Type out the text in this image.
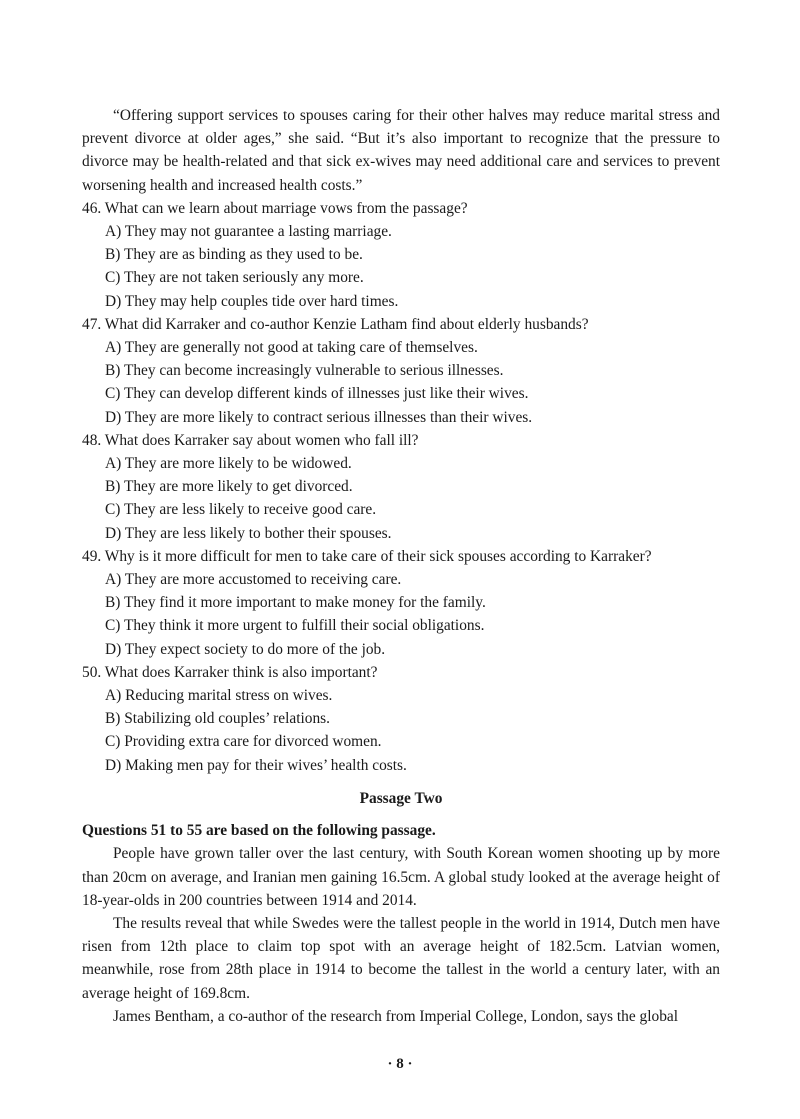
“Offering support services to spouses caring for their other halves may reduce marital stress and prevent divorce at older ages,” she said. “But it’s also important to recognize that the pressure to divorce may be health-related and that sick ex-wives may need additional care and services to prevent worsening health and increased health costs.”

46. What can we learn about marriage vows from the passage?

A) They may not guarantee a lasting marriage.

B) They are as binding as they used to be.

C) They are not taken seriously any more.

D) They may help couples tide over hard times.

47. What did Karraker and co-author Kenzie Latham find about elderly husbands?

A) They are generally not good at taking care of themselves.

B) They can become increasingly vulnerable to serious illnesses.

C) They can develop different kinds of illnesses just like their wives.

D) They are more likely to contract serious illnesses than their wives.

48. What does Karraker say about women who fall ill?

A) They are more likely to be widowed.

B) They are more likely to get divorced.

C) They are less likely to receive good care.

D) They are less likely to bother their spouses.

49. Why is it more difficult for men to take care of their sick spouses according to Karraker?

A) They are more accustomed to receiving care.

B) They find it more important to make money for the family.

C) They think it more urgent to fulfill their social obligations.

D) They expect society to do more of the job.

50. What does Karraker think is also important?

A) Reducing marital stress on wives.

B) Stabilizing old couples’ relations.

C) Providing extra care for divorced women.

D) Making men pay for their wives’ health costs.

Passage Two

Questions 51 to 55 are based on the following passage.

People have grown taller over the last century, with South Korean women shooting up by more than 20cm on average, and Iranian men gaining 16.5cm. A global study looked at the average height of 18-year-olds in 200 countries between 1914 and 2014.

The results reveal that while Swedes were the tallest people in the world in 1914, Dutch men have risen from 12th place to claim top spot with an average height of 182.5cm. Latvian women, meanwhile, rose from 28th place in 1914 to become the tallest in the world a century later, with an average height of 169.8cm.

James Bentham, a co-author of the research from Imperial College, London, says the global

· 8 ·
